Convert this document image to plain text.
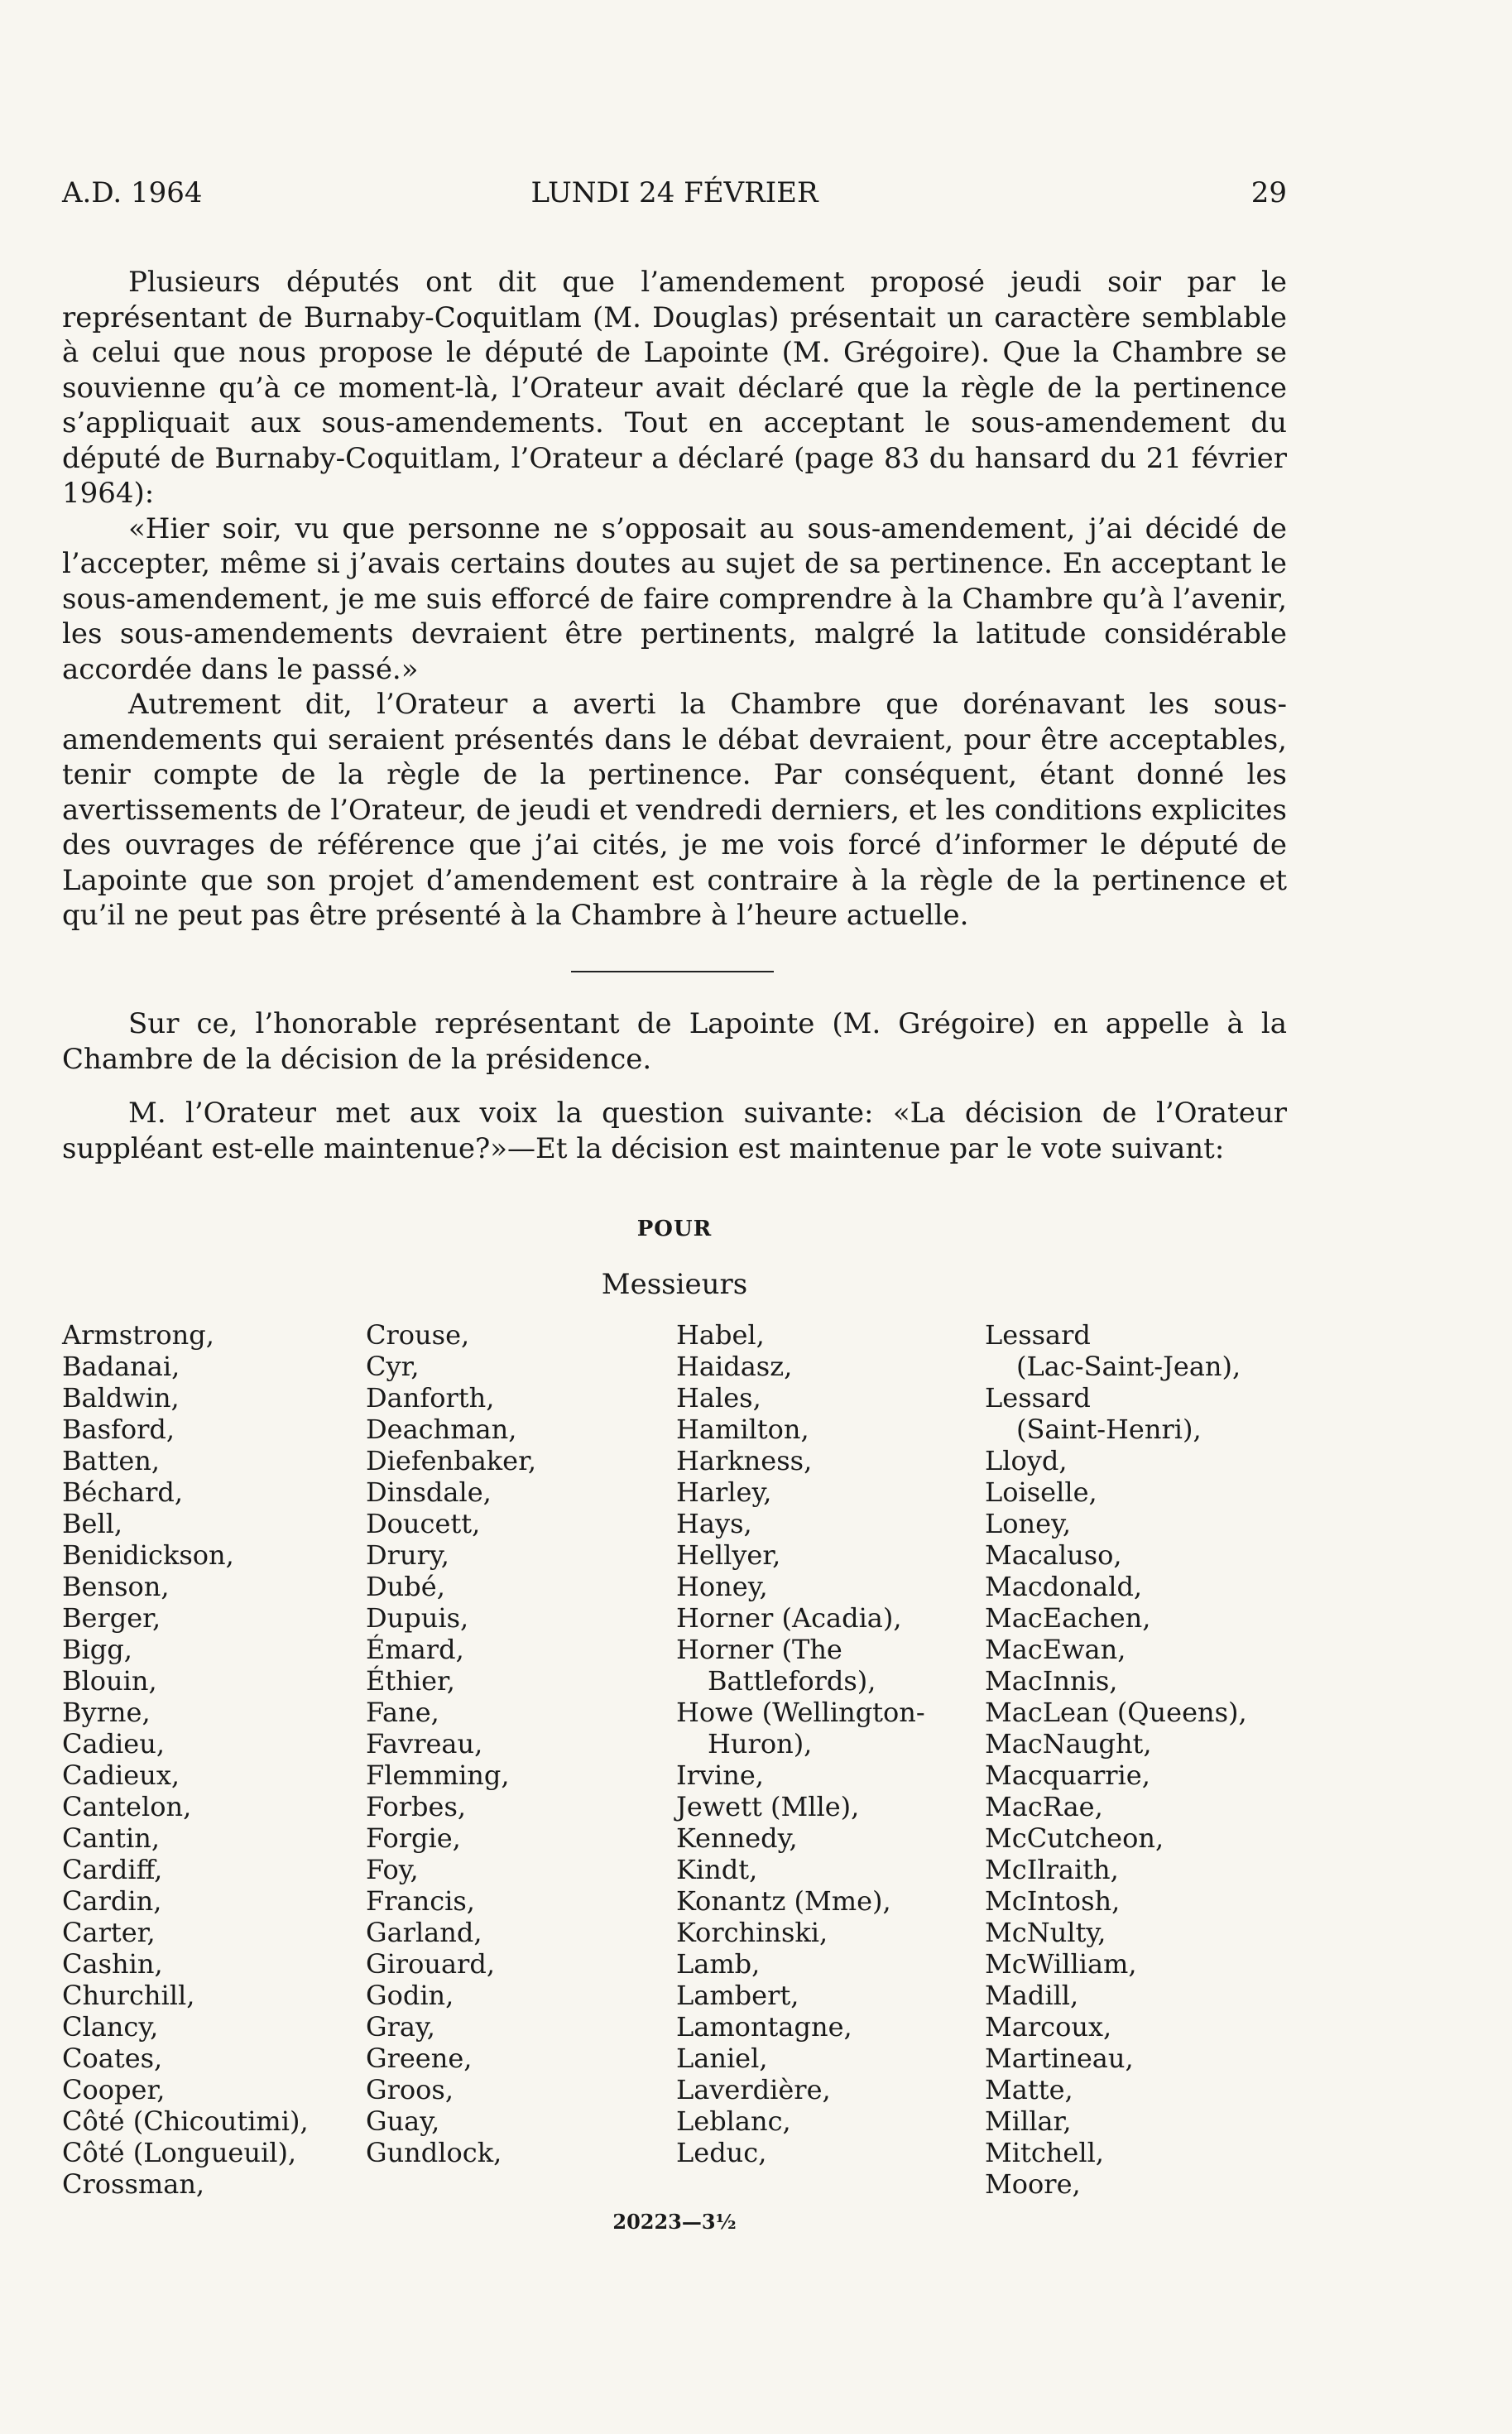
A.D. 1964	LUNDI 24 FÉVRIER	29

Plusieurs députés ont dit que l’amendement proposé jeudi soir par le représentant de Burnaby-Coquitlam (M. Douglas) présentait un caractère semblable à celui que nous propose le député de Lapointe (M. Grégoire). Que la Chambre se souvienne qu’à ce moment-là, l’Orateur avait déclaré que la règle de la pertinence s’appliquait aux sous-amendements. Tout en acceptant le sous-amendement du député de Burnaby-Coquitlam, l’Orateur a déclaré (page 83 du hansard du 21 février 1964):

«Hier soir, vu que personne ne s’opposait au sous-amendement, j’ai décidé de l’accepter, même si j’avais certains doutes au sujet de sa pertinence. En acceptant le sous-amendement, je me suis efforcé de faire comprendre à la Chambre qu’à l’avenir, les sous-amendements devraient être pertinents, malgré la latitude considérable accordée dans le passé.»

Autrement dit, l’Orateur a averti la Chambre que dorénavant les sous-amendements qui seraient présentés dans le débat devraient, pour être acceptables, tenir compte de la règle de la pertinence. Par conséquent, étant donné les avertissements de l’Orateur, de jeudi et vendredi derniers, et les conditions explicites des ouvrages de référence que j’ai cités, je me vois forcé d’informer le député de Lapointe que son projet d’amendement est contraire à la règle de la pertinence et qu’il ne peut pas être présenté à la Chambre à l’heure actuelle.

Sur ce, l’honorable représentant de Lapointe (M. Grégoire) en appelle à la Chambre de la décision de la présidence.

M. l’Orateur met aux voix la question suivante: «La décision de l’Orateur suppléant est-elle maintenue?»—Et la décision est maintenue par le vote suivant:

POUR
Messieurs
Armstrong,
Badanai,
Baldwin,
Basford,
Batten,
Béchard,
Bell,
Benidickson,
Benson,
Berger,
Bigg,
Blouin,
Byrne,
Cadieu,
Cadieux,
Cantelon,
Cantin,
Cardiff,
Cardin,
Carter,
Cashin,
Churchill,
Clancy,
Coates,
Cooper,
Côté (Chicoutimi),
Côté (Longueuil),
Crossman,
Crouse,
Cyr,
Danforth,
Deachman,
Diefenbaker,
Dinsdale,
Doucett,
Drury,
Dubé,
Dupuis,
Émard,
Éthier,
Fane,
Favreau,
Flemming,
Forbes,
Forgie,
Foy,
Francis,
Garland,
Girouard,
Godin,
Gray,
Greene,
Groos,
Guay,
Gundlock,
Habel,
Haidasz,
Hales,
Hamilton,
Harkness,
Harley,
Hays,
Hellyer,
Honey,
Horner (Acadia),
Horner (The
Battlefords),
Howe (Wellington-
Huron),
Irvine,
Jewett (Mlle),
Kennedy,
Kindt,
Konantz (Mme),
Korchinski,
Lamb,
Lambert,
Lamontagne,
Laniel,
Laverdière,
Leblanc,
Leduc,
Lessard
(Lac-Saint-Jean),
Lessard
(Saint-Henri),
Lloyd,
Loiselle,
Loney,
Macaluso,
Macdonald,
MacEachen,
MacEwan,
MacInnis,
MacLean (Queens),
MacNaught,
Macquarrie,
MacRae,
McCutcheon,
McIlraith,
McIntosh,
McNulty,
McWilliam,
Madill,
Marcoux,
Martineau,
Matte,
Millar,
Mitchell,
Moore,
20223—3½
